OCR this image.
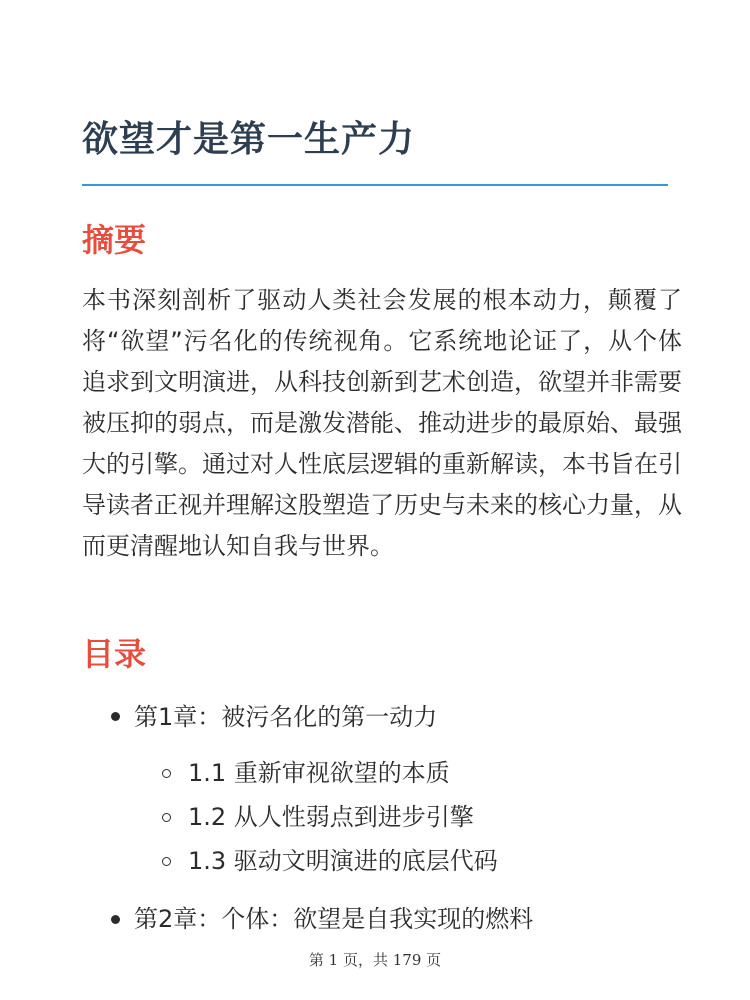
欲望才是第一生产力
摘要

本书深刻剖析了驱动人类社会发展的根本动力，颠覆了将“欲望”污名化的传统视角。它系统地论证了，从个体追求到文明演进，从科技创新到艺术创造，欲望并非需要被压抑的弱点，而是激发潜能、推动进步的最原始、最强大的引擎。通过对人性底层逻辑的重新解读，本书旨在引导读者正视并理解这股塑造了历史与未来的核心力量，从而更清醒地认知自我与世界。

目录
第1章：被污名化的第一动力
1.1 重新审视欲望的本质
1.2 从人性弱点到进步引擎
1.3 驱动文明演进的底层代码
第2章：个体：欲望是自我实现的燃料
第 1 页，共 179 页
